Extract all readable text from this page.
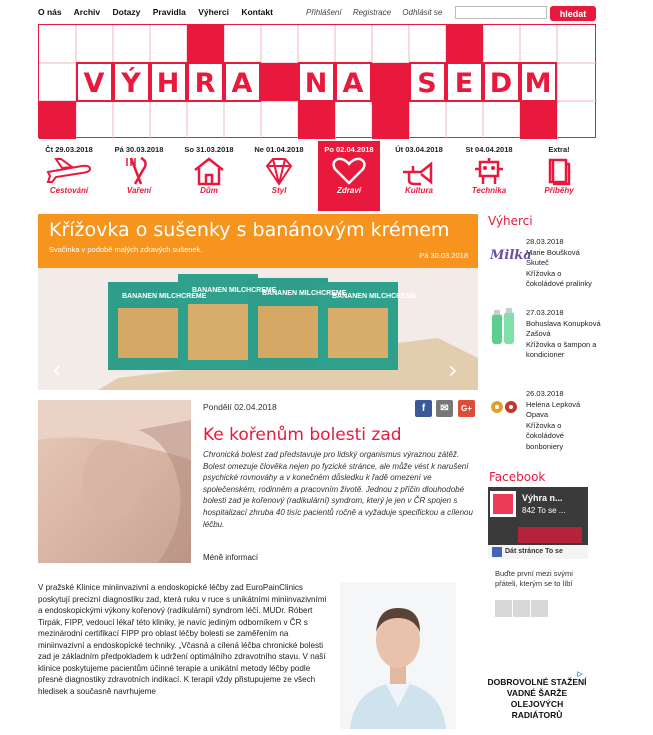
O nás Archiv Dotazy Pravidla Výherci Kontakt	Přihlášení Registrace Odhlásit se	hledat
V Ý H R A N A S E D M
Čt 29.03.2018
Cestování
Pá 30.03.2018
Vaření
So 31.03.2018
Dům
Ne 01.04.2018
Styl
Po 02.04.2018
Zdraví
Út 03.04.2018
Kultura
St 04.04.2018
Technika
Extra!
Příběhy
Křížovka o sušenky s banánovým krémem
Svačinka v podobě malých zdravých sušenek.
Pá 30.03.2018
BANANEN MILCHCREME
BANANEN MILCHCREME
BANANEN MILCHCREME
BANANEN MILCHCREME
‹	›
Pondělí 02.04.2018	f	✉	G+
Ke kořenům bolesti zad
Chronická bolest zad představuje pro lidský organismus výraznou zátěž. Bolest omezuje člověka nejen po fyzické stránce, ale může vést k narušení psychické rovnováhy a v konečném důsledku k řadě omezení ve společenském, rodinném a pracovním životě. Jednou z příčin dlouhodobé bolesti zad je kořenový (radikulární) syndrom, který je jen v ČR spojen s hospitalizací zhruba 40 tisíc pacientů ročně a vyžaduje specifickou a cílenou léčbu.
Méně informací
V pražské Klinice miniinvazivní a endoskopické léčby zad EuroPainClinics poskytují precizní diagnostiku zad, která ruku v ruce s unikátními miniinvazivními a endoskopickými výkony kořenový (radikulární) syndrom léčí. MUDr. Róbert Tirpák, FIPP, vedoucí lékař této kliniky, je navíc jediným odborníkem v ČR s mezinárodní certifikací FIPP pro oblast léčby bolesti se zaměřením na miniinvazivní a endoskopické techniky. „Včasná a cílená léčba chronické bolesti zad je základním předpokladem k udržení optimálního zdravotního stavu. V naší klinice poskytujeme pacientům účinné terapie a unikátní metody léčby podle přesné diagnostiky zdravotních indikací. K terapii vždy přistupujeme ze všech hledisek a současně navrhujeme
Výherci
Milka
28.03.2018
Marie Boušková Skuteč
Křížovka o čokoládové pralinky
27.03.2018
Bohuslava Konupková Zašová
Křížovka o šampon a kondicioner
26.03.2018
Helena Lepková Opava
Křížovka o čokoládové bonboniery
Facebook
Výhra n...
842 To se ...
Dát stránce To se
Buďte první mezi svými přáteli, kterým se to líbí
▷
DOBROVOLNÉ STAŽENÍ VADNÉ ŠARŽE OLEJOVÝCH RADIÁTORŮ
